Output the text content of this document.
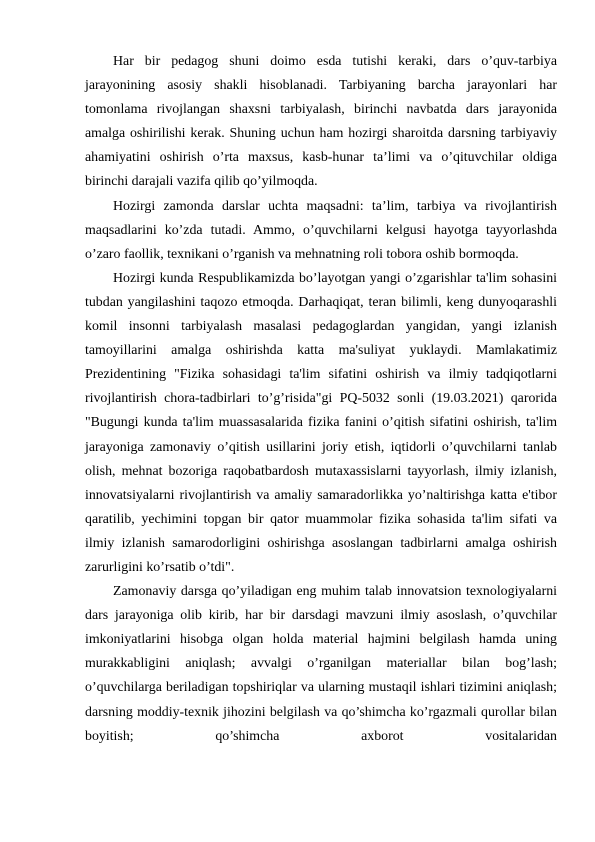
Har bir pedagog shuni doimo esda tutishi kerakі, dars o’quv-tarbiya jarayonining asosiy shakli hisoblanadi. Tarbiyaning barcha jarayonlari har tomonlama rivojlangan shaxsni tarbiyalash, birinchi navbatda dars jarayonida amalga oshirilishi kerak. Shuning uchun ham hozirgi sharoitda darsning tarbiyaviy ahamiyatini oshirish o’rta maxsus, kasb-hunar ta’limi va o’qituvchilar oldiga birinchi darajali vazifa qilib qo’yilmoqda.

Hozirgi zamonda darslar uchta maqsadni: ta’lim, tarbiya va rivojlantirish maqsadlarini ko’zda tutadi. Ammo, o’quvchilarni kelgusi hayotga tayyorlashda o’zaro faollik, texnikani o’rganish va mehnatning roli tobora oshib bormoqda.

Hozirgi kunda Respublikamizda bo’layotgan yangi o’zgarishlar ta'lim sohasini tubdan yangilashini taqozo etmoqda. Darhaqiqat, teran bilimli, keng dunyoqarashli komil insonni tarbiyalash masalasi pedagoglardan yangidan, yangi izlanish tamoyillarini amalga oshirishda katta ma'suliyat yuklaydi. Mamlakatimiz Prezidentining "Fizika sohasidagi ta'lim sifatini oshirish va ilmiy tadqiqotlarni rivojlantirish chora-tadbirlari to’g’risida"gi PQ-5032 sonli (19.03.2021) qarorida "Bugungi kunda ta'lim muassasalarida fizika fanini o’qitish sifatini oshirish, ta'lim jarayoniga zamonaviy o’qitish usillarini joriy etish, iqtidorli o’quvchilarni tanlab olish, mehnat bozoriga raqobatbardosh mutaxassislarni tayyorlash, ilmiy izlanish, innovatsiyalarni rivojlantirish va amaliy samaradorlikka yo’naltirishga katta e'tibor qaratilib, yechimini topgan bir qator muammolar fizika sohasida ta'lim sifati va ilmiy izlanish samarodorligini oshirishga asoslangan tadbirlarni amalga oshirish zarurligini ko’rsatib o’tdi".

Zamonaviy darsga qo’yiladigan eng muhim talab innovatsion texnologiyalarni dars jarayoniga olib kirib, har bir darsdagi mavzuni ilmiy asoslash, o’quvchilar imkoniyatlarini hisobga olgan holda material hajmini belgilash hamda uning murakkabligini aniqlash; avvalgi o’rganilgan materiallar bilan bog’lash; o’quvchilarga beriladigan topshiriqlar va ularning mustaqil ishlari tizimini aniqlash; darsning moddiy-texnik jihozini belgilash va qo’shimcha ko’rgazmali qurollar bilan boyitish; qo’shimcha axborot vositalaridan
